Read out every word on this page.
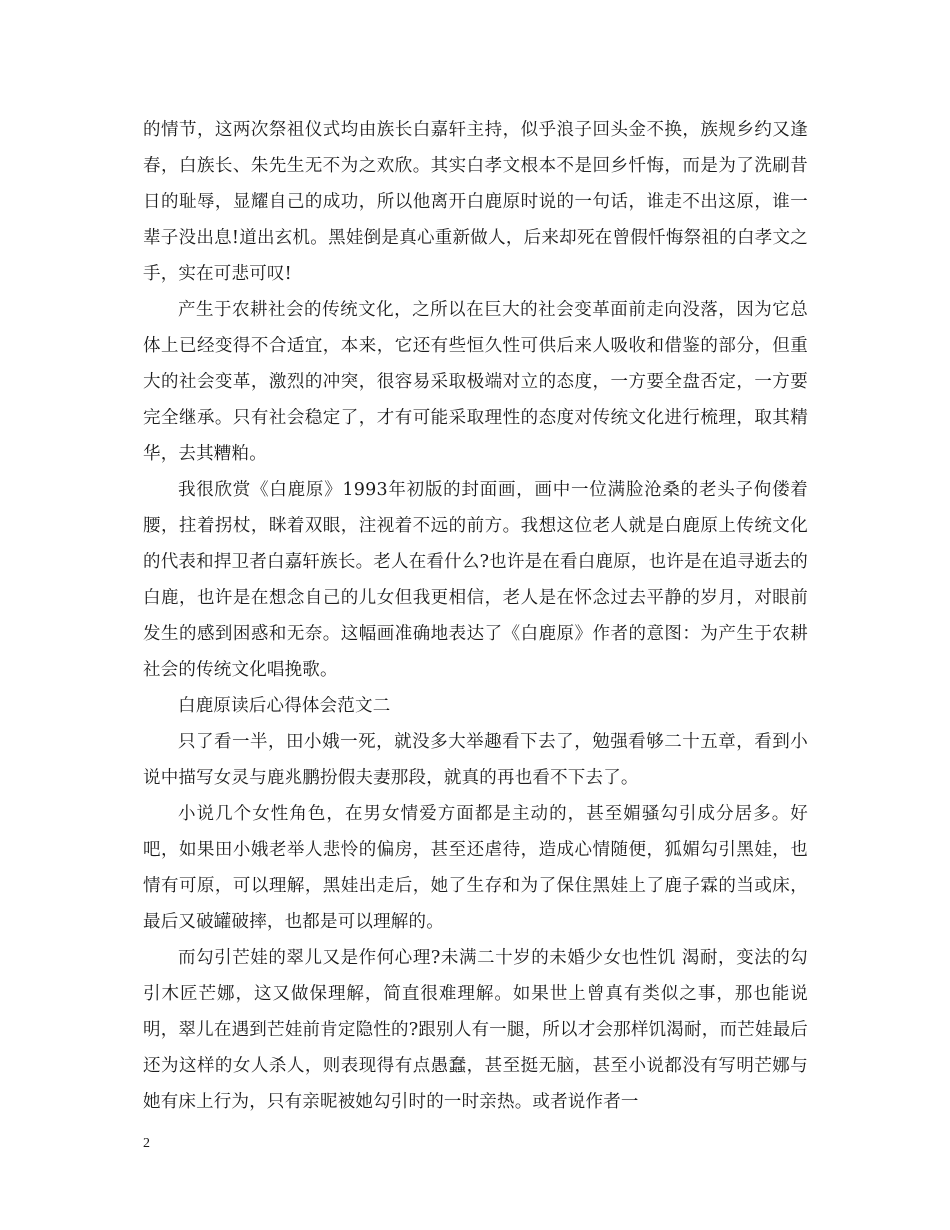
的情节，这两次祭祖仪式均由族长白嘉轩主持，似乎浪子回头金不换，族规乡约又逢春，白族长、朱先生无不为之欢欣。其实白孝文根本不是回乡忏悔，而是为了洗刷昔日的耻辱，显耀自己的成功，所以他离开白鹿原时说的一句话，谁走不出这原，谁一辈子没出息!道出玄机。黑娃倒是真心重新做人，后来却死在曾假忏悔祭祖的白孝文之手，实在可悲可叹!

产生于农耕社会的传统文化，之所以在巨大的社会变革面前走向没落，因为它总体上已经变得不合适宜，本来，它还有些恒久性可供后来人吸收和借鉴的部分，但重大的社会变革，激烈的冲突，很容易采取极端对立的态度，一方要全盘否定，一方要完全继承。只有社会稳定了，才有可能采取理性的态度对传统文化进行梳理，取其精华，去其糟粕。

我很欣赏《白鹿原》1993年初版的封面画，画中一位满脸沧桑的老头子佝偻着腰，拄着拐杖，眯着双眼，注视着不远的前方。我想这位老人就是白鹿原上传统文化的代表和捍卫者白嘉轩族长。老人在看什么?也许是在看白鹿原，也许是在追寻逝去的白鹿，也许是在想念自己的儿女但我更相信，老人是在怀念过去平静的岁月，对眼前发生的感到困惑和无奈。这幅画准确地表达了《白鹿原》作者的意图：为产生于农耕社会的传统文化唱挽歌。

白鹿原读后心得体会范文二

只了看一半，田小娥一死，就没多大举趣看下去了，勉强看够二十五章，看到小说中描写女灵与鹿兆鹏扮假夫妻那段，就真的再也看不下去了。

小说几个女性角色，在男女情爱方面都是主动的，甚至媚骚勾引成分居多。好吧，如果田小娥老举人悲怜的偏房，甚至还虐待，造成心情随便，狐媚勾引黑娃，也情有可原，可以理解，黑娃出走后，她了生存和为了保住黑娃上了鹿子霖的当或床，最后又破罐破摔，也都是可以理解的。

而勾引芒娃的翠儿又是作何心理?未满二十岁的未婚少女也性饥 渴耐，变法的勾引木匠芒娜，这又做保理解，简直很难理解。如果世上曾真有类似之事，那也能说明，翠儿在遇到芒娃前肯定隐性的?跟别人有一腿，所以才会那样饥渴耐，而芒娃最后还为这样的女人杀人，则表现得有点愚蠢，甚至挺无脑，甚至小说都没有写明芒娜与她有床上行为，只有亲昵被她勾引时的一时亲热。或者说作者一

2
